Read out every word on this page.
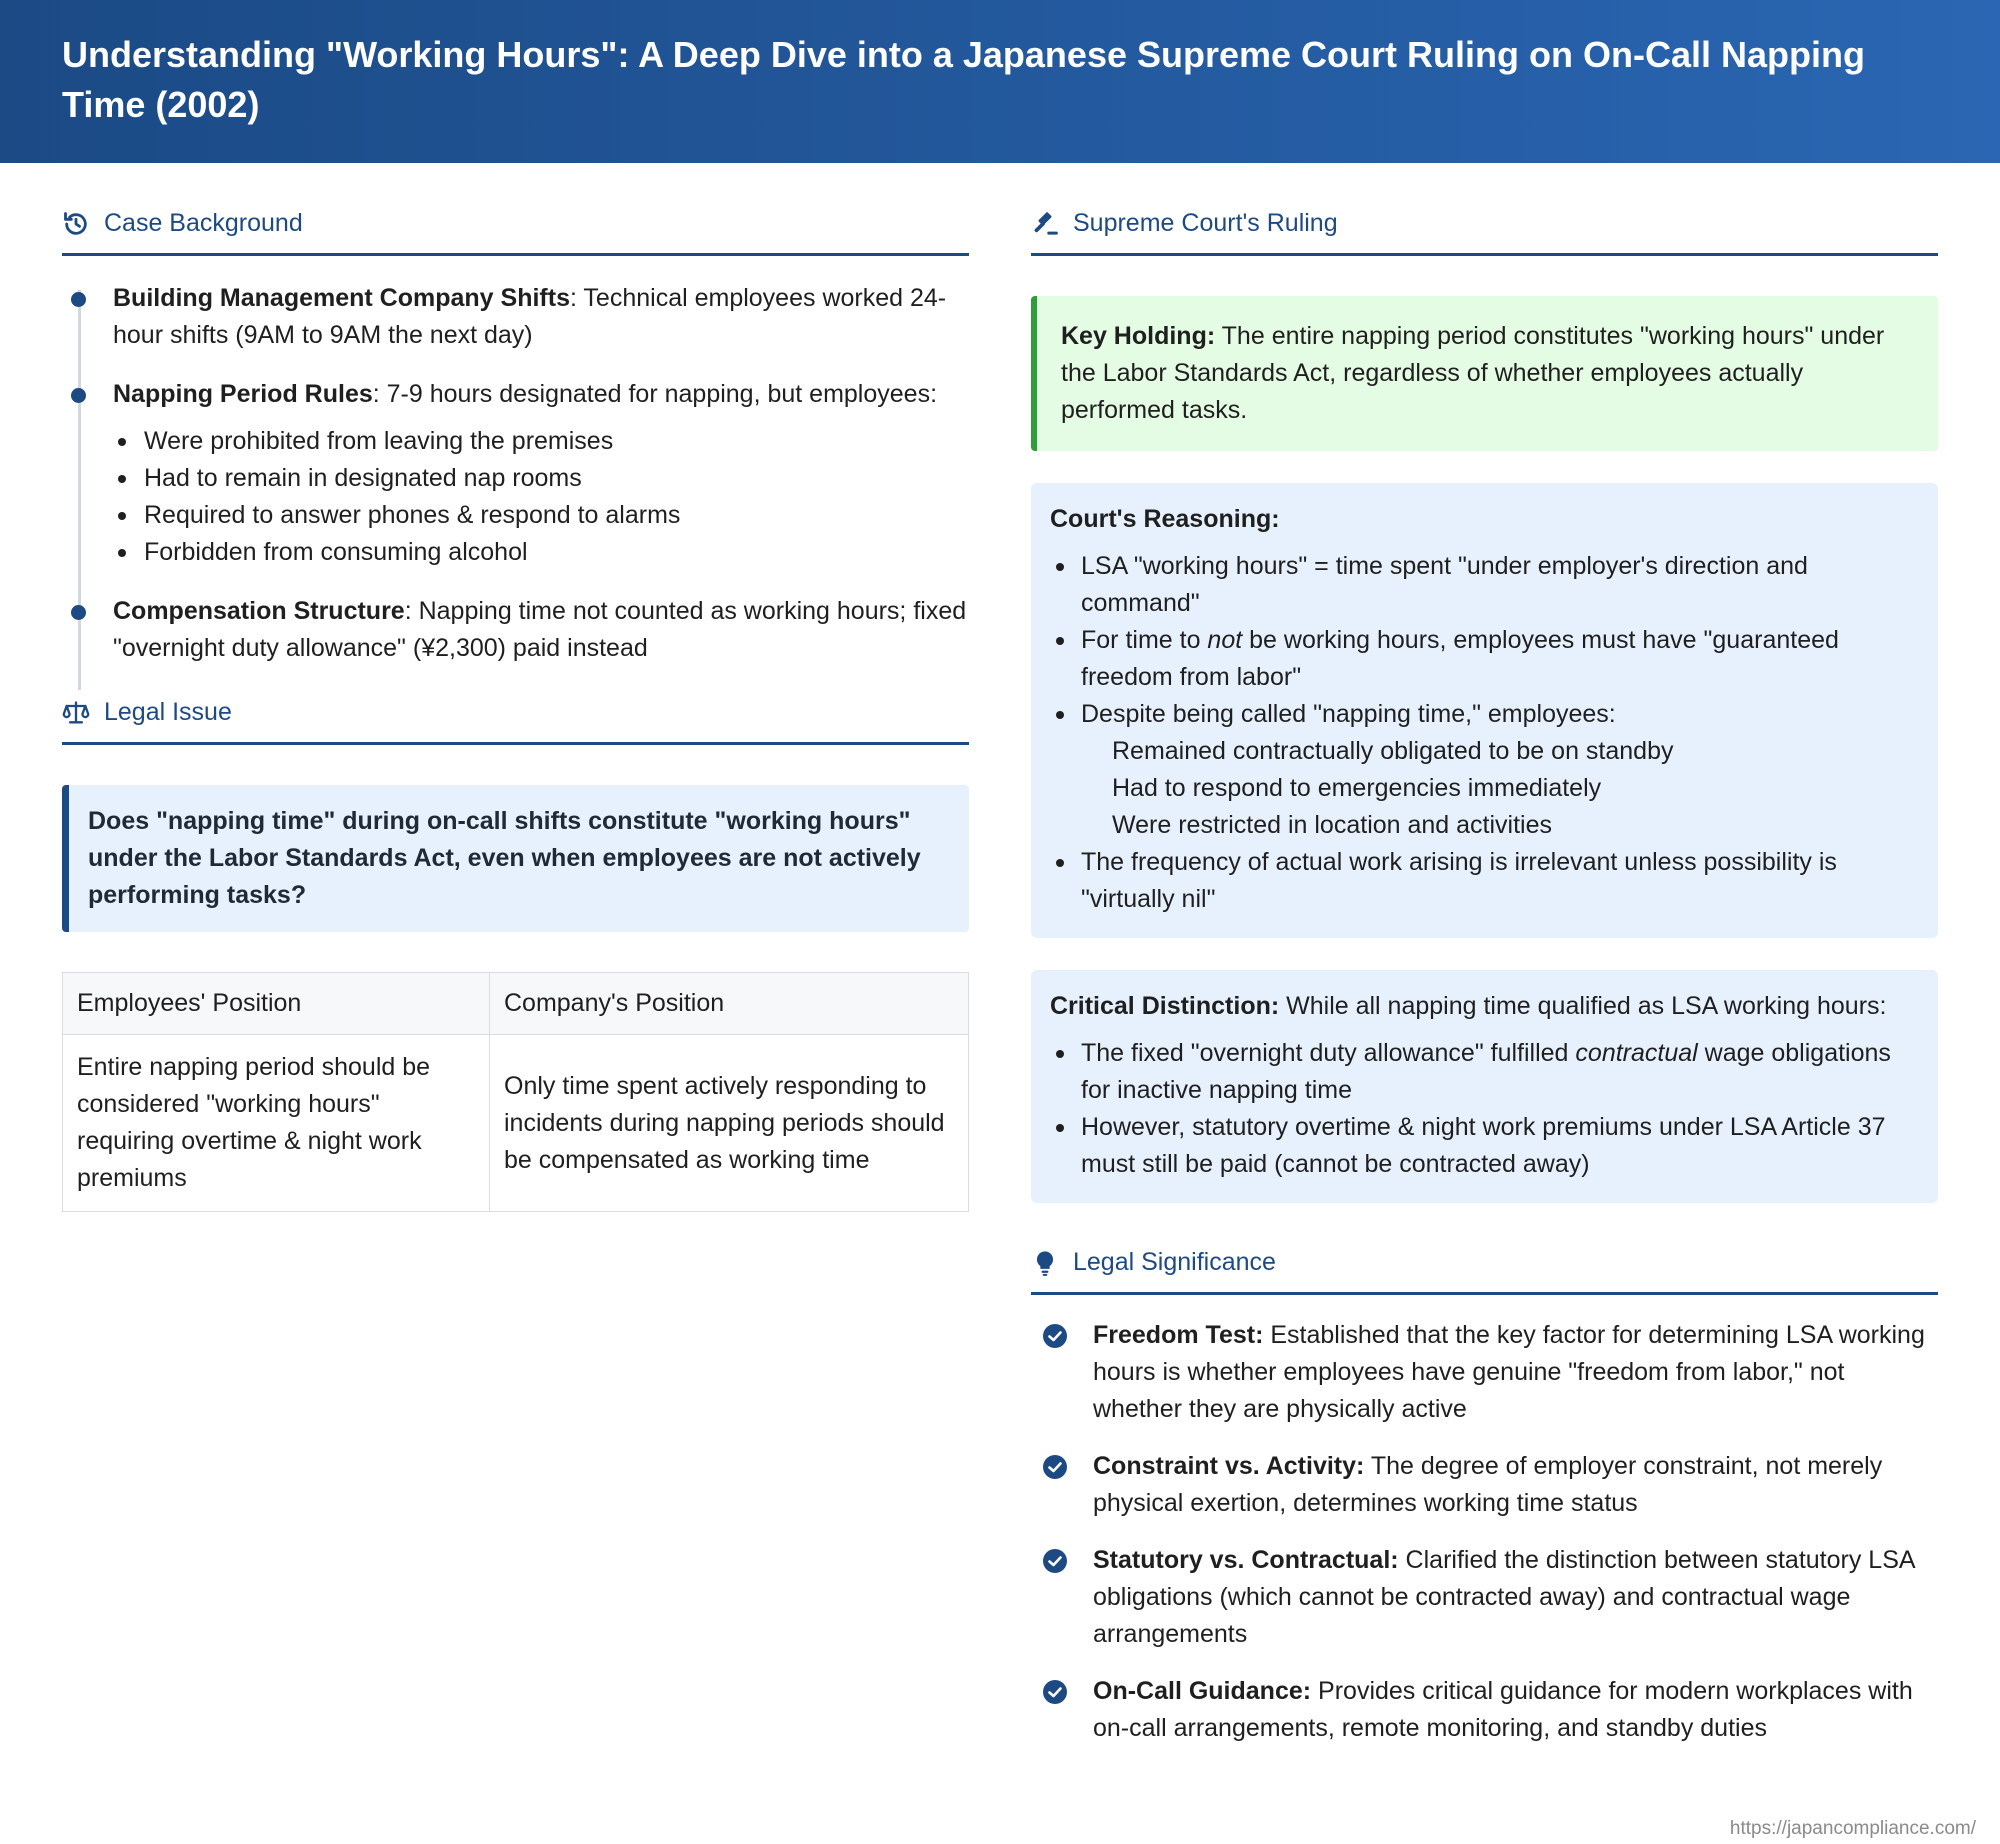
Understanding "Working Hours": A Deep Dive into a Japanese Supreme Court Ruling on On-Call Napping Time (2002)
Case Background
Building Management Company Shifts: Technical employees worked 24-hour shifts (9AM to 9AM the next day)
Napping Period Rules: 7-9 hours designated for napping, but employees:
Were prohibited from leaving the premises
Had to remain in designated nap rooms
Required to answer phones & respond to alarms
Forbidden from consuming alcohol
Compensation Structure: Napping time not counted as working hours; fixed "overnight duty allowance" (¥2,300) paid instead
Legal Issue
Does "napping time" during on-call shifts constitute "working hours" under the Labor Standards Act, even when employees are not actively performing tasks?
Employees' Position	Company's Position
Entire napping period should be considered "working hours" requiring overtime & night work premiums	Only time spent actively responding to incidents during napping periods should be compensated as working time
Supreme Court's Ruling
Key Holding: The entire napping period constitutes "working hours" under the Labor Standards Act, regardless of whether employees actually performed tasks.
Court's Reasoning:
LSA "working hours" = time spent "under employer's direction and command"
For time to not be working hours, employees must have "guaranteed freedom from labor"
Despite being called "napping time," employees:
Remained contractually obligated to be on standby
Had to respond to emergencies immediately
Were restricted in location and activities
The frequency of actual work arising is irrelevant unless possibility is "virtually nil"
Critical Distinction: While all napping time qualified as LSA working hours:
The fixed "overnight duty allowance" fulfilled contractual wage obligations for inactive napping time
However, statutory overtime & night work premiums under LSA Article 37 must still be paid (cannot be contracted away)
Legal Significance
Freedom Test: Established that the key factor for determining LSA working hours is whether employees have genuine "freedom from labor," not whether they are physically active
Constraint vs. Activity: The degree of employer constraint, not merely physical exertion, determines working time status
Statutory vs. Contractual: Clarified the distinction between statutory LSA obligations (which cannot be contracted away) and contractual wage arrangements
On-Call Guidance: Provides critical guidance for modern workplaces with on-call arrangements, remote monitoring, and standby duties
https://japancompliance.com/
